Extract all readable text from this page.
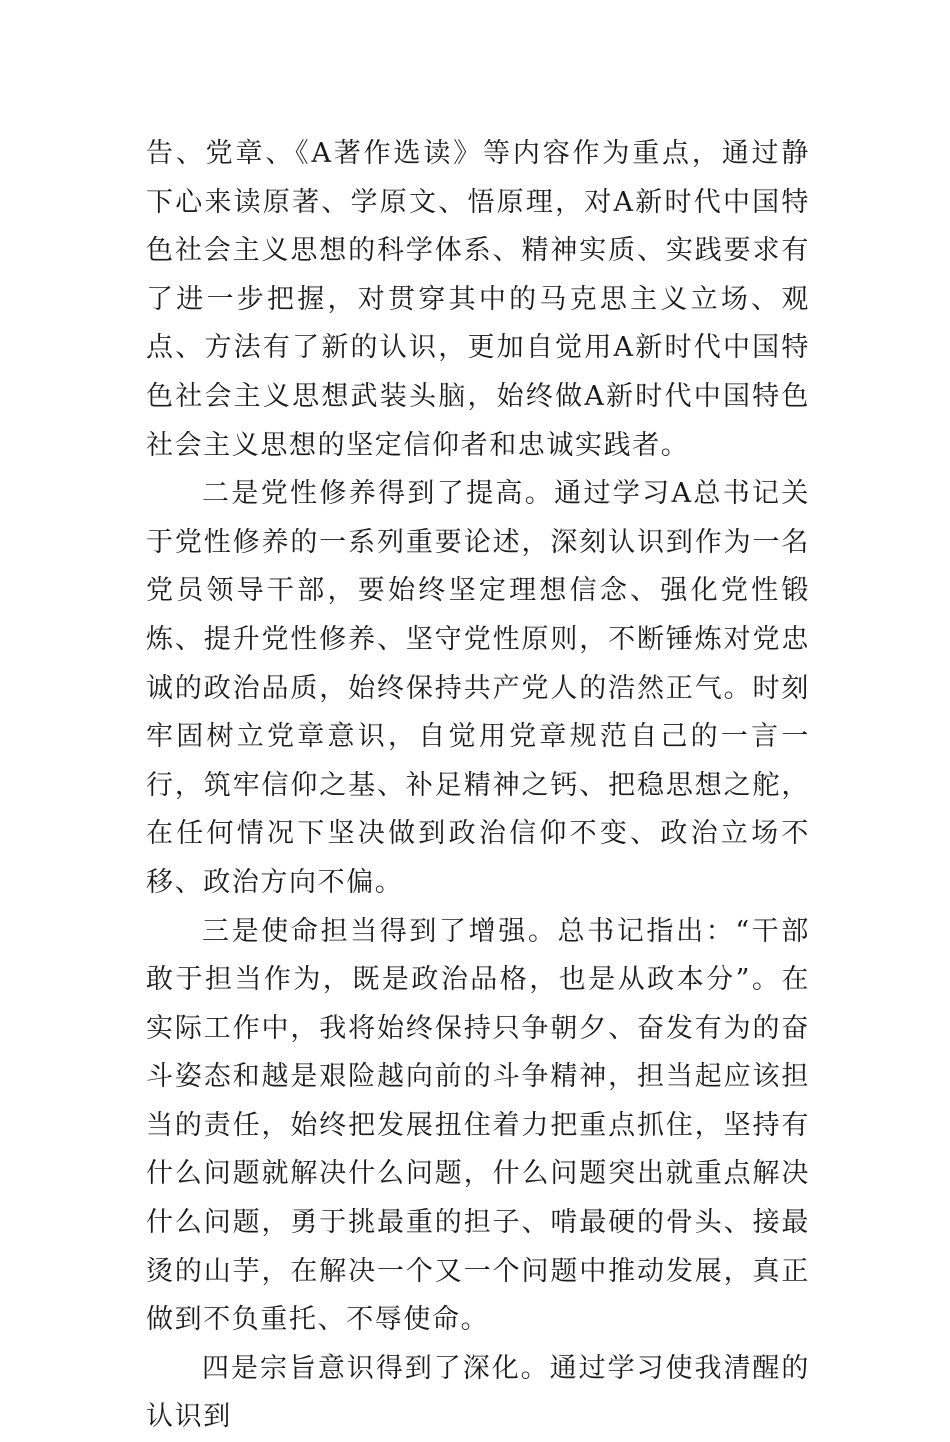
告、党章、《A著作选读》等内容作为重点，通过静下心来读原著、学原文、悟原理，对A新时代中国特色社会主义思想的科学体系、精神实质、实践要求有了进一步把握，对贯穿其中的马克思主义立场、观点、方法有了新的认识，更加自觉用A新时代中国特色社会主义思想武装头脑，始终做A新时代中国特色社会主义思想的坚定信仰者和忠诚实践者。

二是党性修养得到了提高。通过学习A总书记关于党性修养的一系列重要论述，深刻认识到作为一名党员领导干部，要始终坚定理想信念、强化党性锻炼、提升党性修养、坚守党性原则，不断锤炼对党忠诚的政治品质，始终保持共产党人的浩然正气。时刻牢固树立党章意识，自觉用党章规范自己的一言一行，筑牢信仰之基、补足精神之钙、把稳思想之舵，在任何情况下坚决做到政治信仰不变、政治立场不移、政治方向不偏。

三是使命担当得到了增强。总书记指出：“干部敢于担当作为，既是政治品格，也是从政本分”。在实际工作中，我将始终保持只争朝夕、奋发有为的奋斗姿态和越是艰险越向前的斗争精神，担当起应该担当的责任，始终把发展扭住着力把重点抓住，坚持有什么问题就解决什么问题，什么问题突出就重点解决什么问题，勇于挑最重的担子、啃最硬的骨头、接最烫的山芋，在解决一个又一个问题中推动发展，真正做到不负重托、不辱使命。

四是宗旨意识得到了深化。通过学习使我清醒的认识到
